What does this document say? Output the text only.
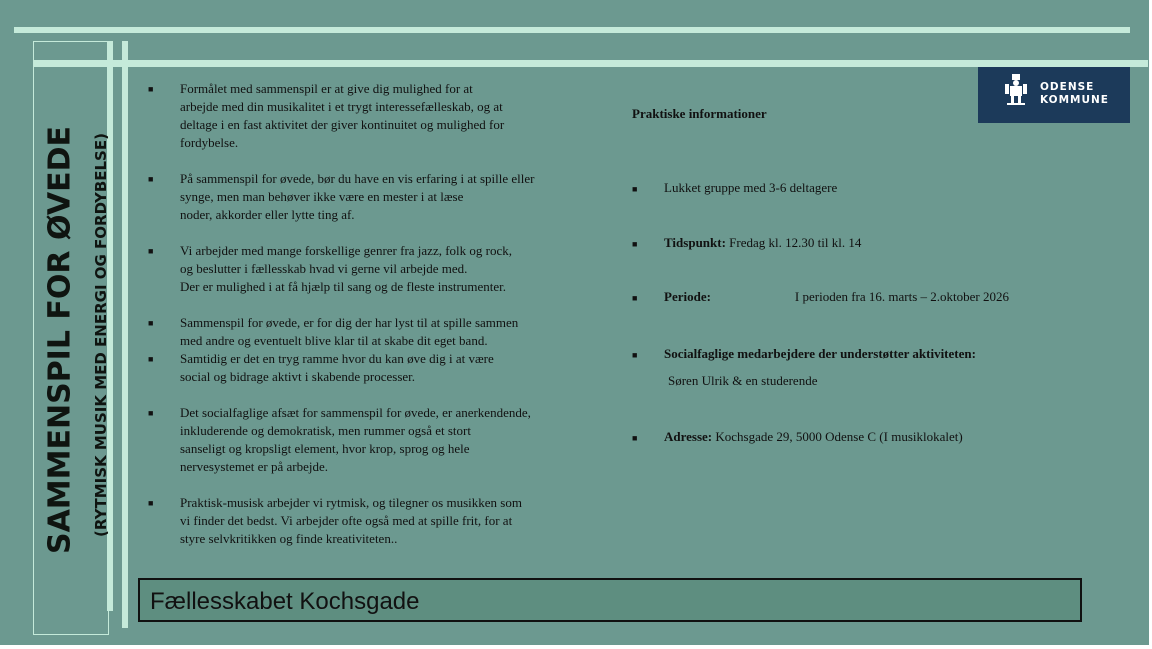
SAMMENSPIL FOR ØVEDE (RYTMISK MUSIK MED ENERGI OG FORDYBELSE)
■ Formålet med sammenspil er at give dig mulighed for at
arbejde med din musikalitet i et trygt interessefælleskab, og at
deltage i en fast aktivitet der giver kontinuitet og mulighed for
fordybelse.
■ På sammenspil for øvede, bør du have en vis erfaring i at spille eller
synge, men man behøver ikke være en mester i at læse
noder, akkorder eller lytte ting af.
■ Vi arbejder med mange forskellige genrer fra jazz, folk og rock,
og beslutter i fællesskab hvad vi gerne vil arbejde med.
Der er mulighed i at få hjælp til sang og de fleste instrumenter.
■ Sammenspil for øvede, er for dig der har lyst til at spille sammen
med andre og eventuelt blive klar til at skabe dit eget band.
■ Samtidig er det en tryg ramme hvor du kan øve dig i at være
social og bidrage aktivt i skabende processer.
■ Det socialfaglige afsæt for sammenspil for øvede, er anerkendende,
inkluderende og demokratisk, men rummer også et stort
sanseligt og kropsligt element, hvor krop, sprog og hele
nervesystemet er på arbejde.
■ Praktisk-musisk arbejder vi rytmisk, og tilegner os musikken som
vi finder det bedst. Vi arbejder ofte også med at spille frit, for at
styre selvkritikken og finde kreativiteten..
Praktiske informationer
■ Lukket gruppe med 3-6 deltagere
■ Tidspunkt: Fredag kl. 12.30 til kl. 14
■ Periode:	I perioden fra 16. marts – 2.oktober 2026
■ Socialfaglige medarbejdere der understøtter aktiviteten:
Søren Ulrik & en studerende
■ Adresse: Kochsgade 29, 5000 Odense C (I musiklokalet)
ODENSE
KOMMUNE
Fællesskabet Kochsgade
